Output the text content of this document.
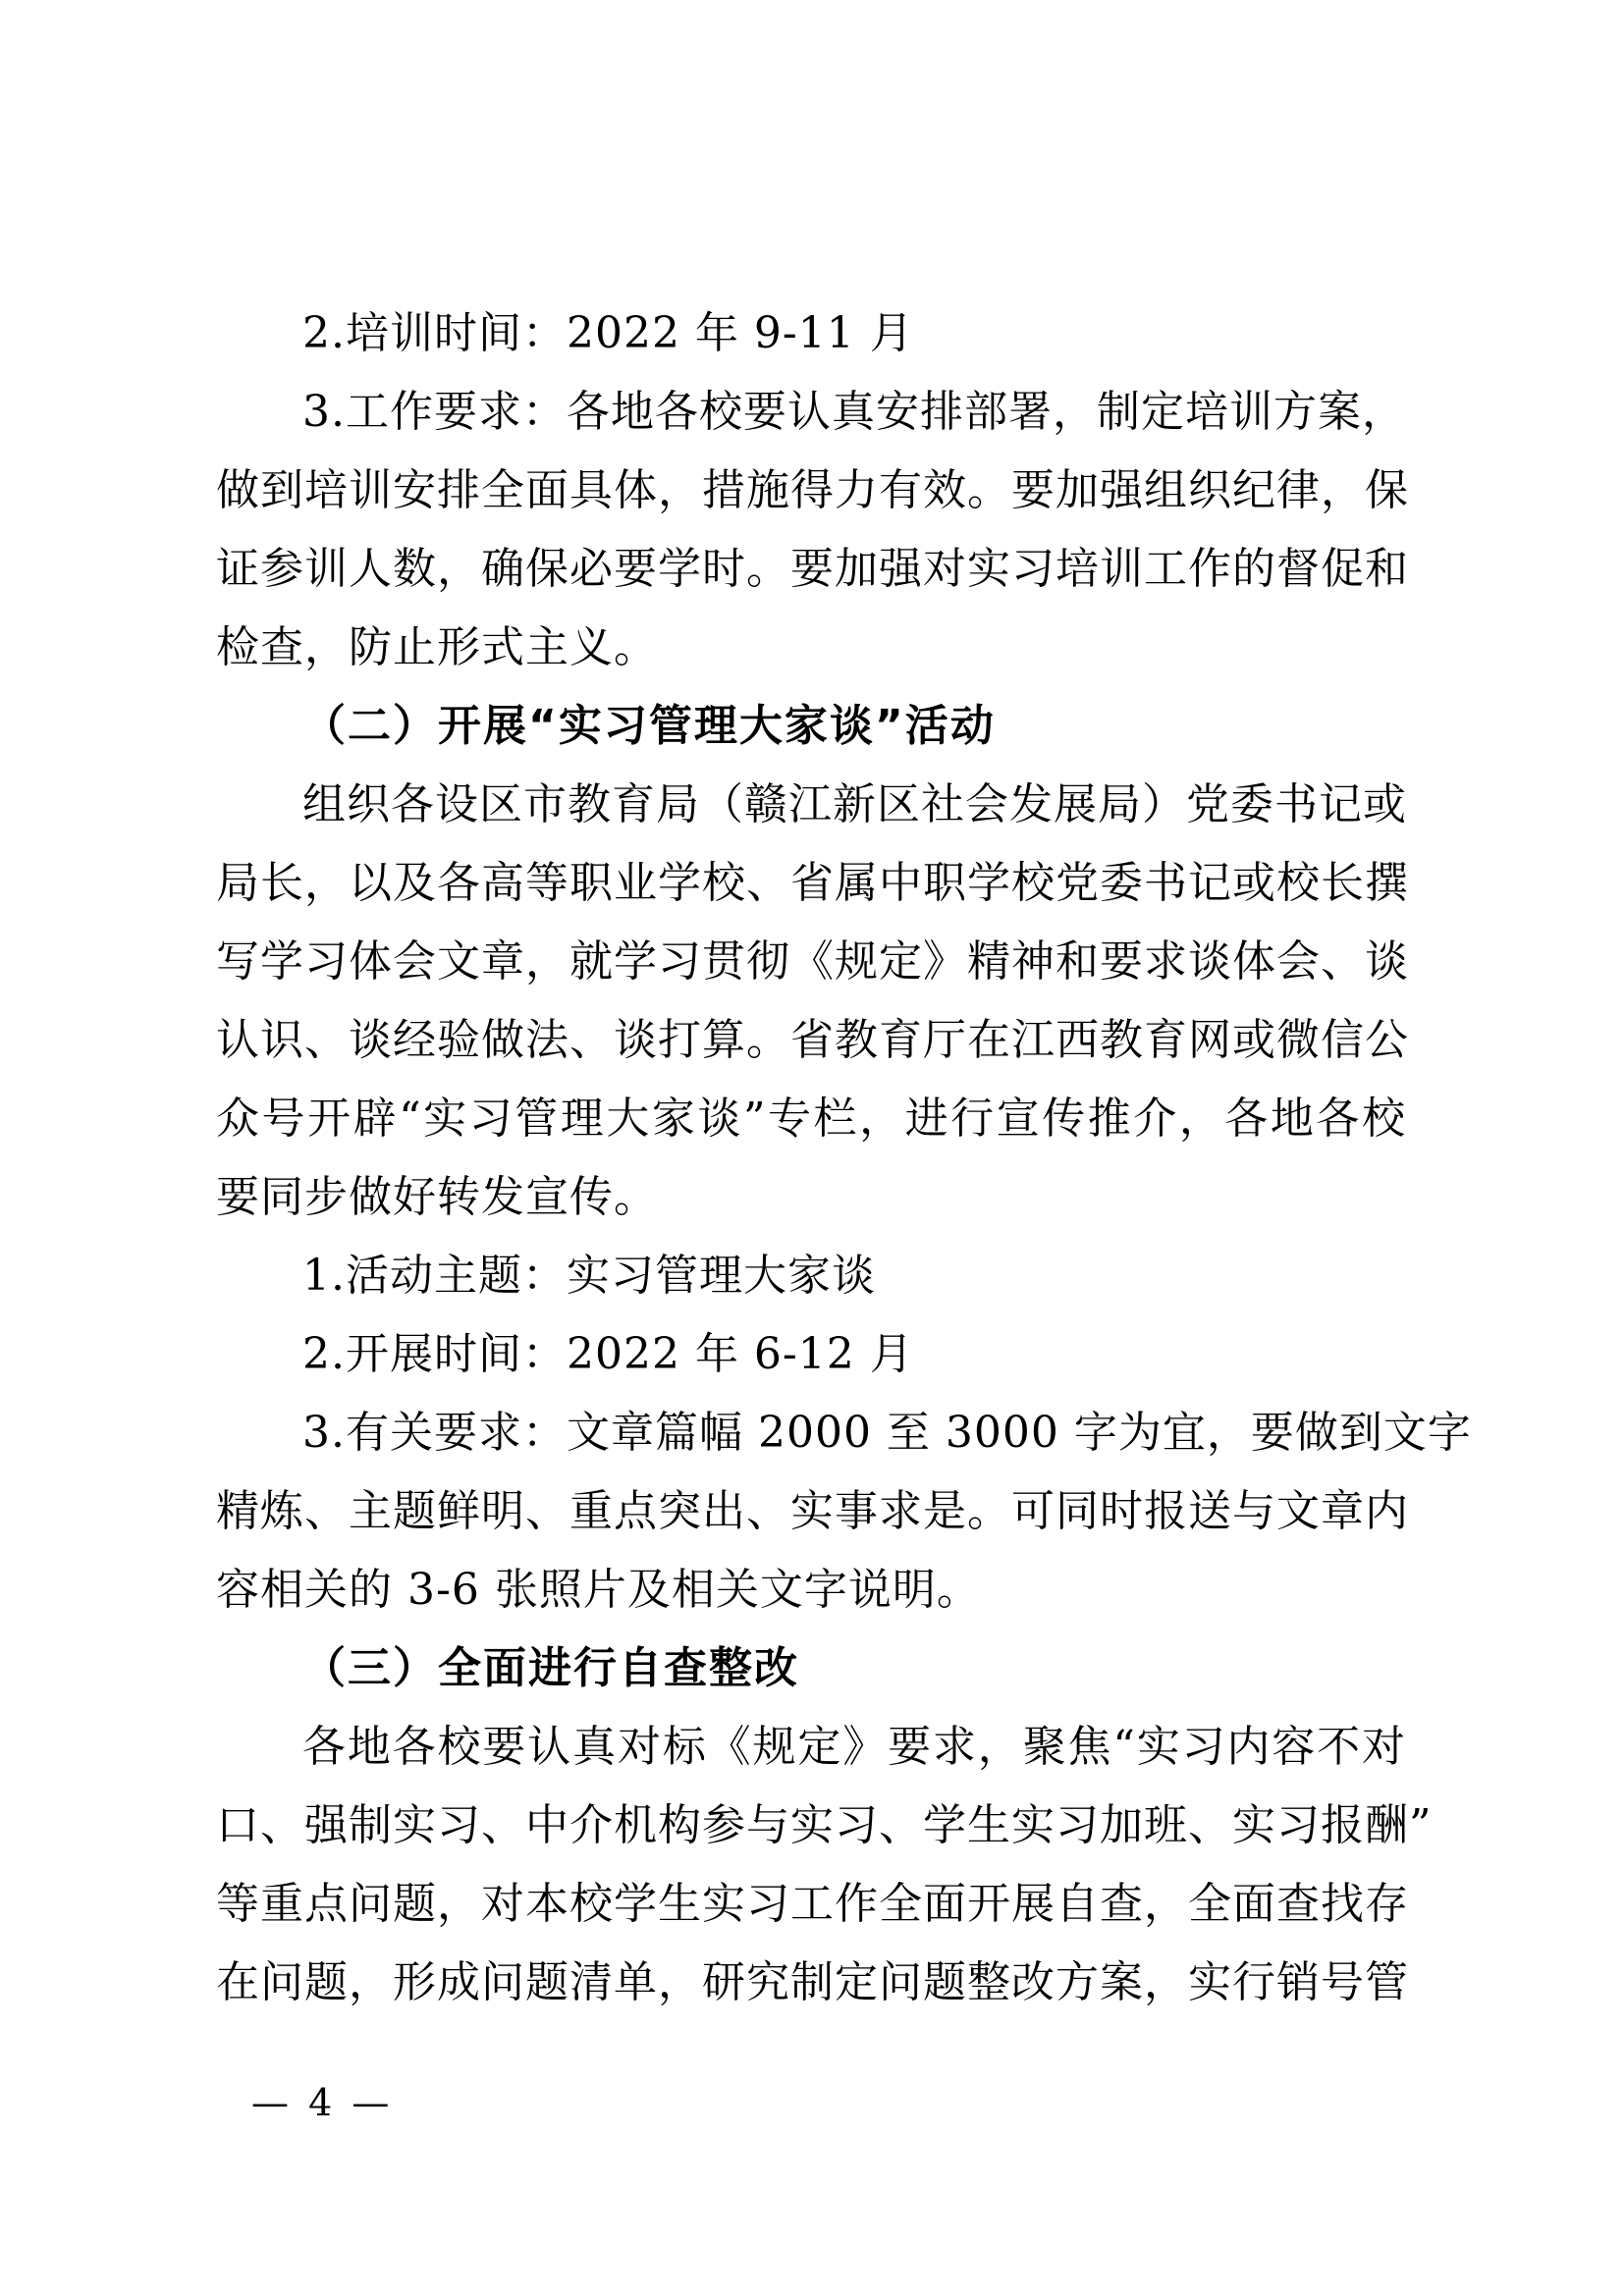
2.培训时间：2022 年 9-11 月

3.工作要求：各地各校要认真安排部署，制定培训方案，
做到培训安排全面具体，措施得力有效。要加强组织纪律，保
证参训人数，确保必要学时。要加强对实习培训工作的督促和
检查，防止形式主义。

（二）开展“实习管理大家谈”活动

组织各设区市教育局（赣江新区社会发展局）党委书记或
局长，以及各高等职业学校、省属中职学校党委书记或校长撰
写学习体会文章，就学习贯彻《规定》精神和要求谈体会、谈
认识、谈经验做法、谈打算。省教育厅在江西教育网或微信公
众号开辟“实习管理大家谈”专栏，进行宣传推介，各地各校
要同步做好转发宣传。

1.活动主题：实习管理大家谈

2.开展时间：2022 年 6-12 月

3.有关要求：文章篇幅 2000 至 3000 字为宜，要做到文字
精炼、主题鲜明、重点突出、实事求是。可同时报送与文章内
容相关的 3-6 张照片及相关文字说明。

（三）全面进行自查整改

各地各校要认真对标《规定》要求，聚焦“实习内容不对
口、强制实习、中介机构参与实习、学生实习加班、实习报酬”
等重点问题，对本校学生实习工作全面开展自查，全面查找存
在问题，形成问题清单，研究制定问题整改方案，实行销号管

— 4 —
